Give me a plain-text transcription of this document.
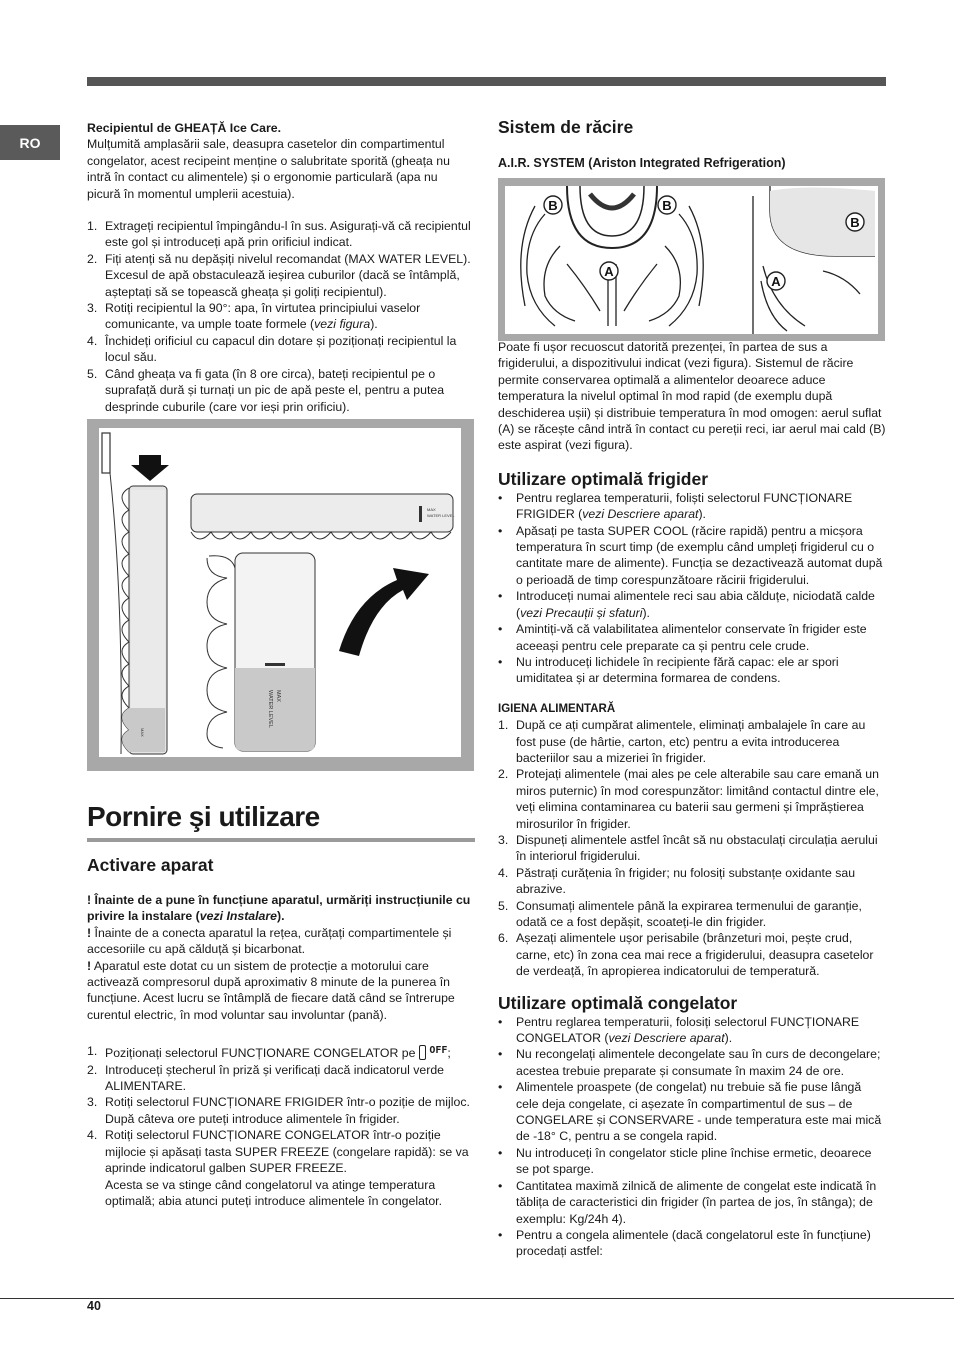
RO

Recipientul de GHEAȚĂ Ice Care.

Mulțumită amplasării sale, deasupra casetelor din compartimentul congelator, acest recipeint menține o salubritate sporită (gheața nu intră în contact cu alimentele) și o ergonomie particulară (apa nu picură în momentul umplerii acestuia).

1. Extrageți recipientul împingându-l în sus. Asigurați-vă că recipientul este gol și introduceți apă prin orificiul indicat.
2. Fiți atenți să nu depășiți nivelul recomandat (MAX WATER LEVEL). Excesul de apă obstaculează ieșirea cuburilor (dacă se întâmplă, așteptați să se topească gheața și goliți recipientul).
3. Rotiți recipientul la 90°: apa, în virtutea principiului vaselor comunicante, va umple toate formele (vezi figura).
4. Închideți orificiul cu capacul din dotare și poziționați recipientul la locul său.
5. Când gheața va fi gata (în 8 ore circa), bateți recipientul pe o suprafață dură și turnați un pic de apă peste el, pentru a putea desprinde cuburile (care vor ieși prin orificiu).
MAX
MAX
WATER LEVEL
MAX
WATER LEVEL
Pornire şi utilizare

Activare aparat

! Înainte de a pune în funcțiune aparatul, urmăriți instrucțiunile cu privire la instalare (vezi Instalare).

! Înainte de a conecta aparatul la rețea, curățați compartimentele și accesoriile cu apă călduță și bicarbonat.

! Aparatul este dotat cu un sistem de protecție a motorului care activează compresorul după aproximativ 8 minute de la punerea în funcțiune. Acest lucru se întâmplă de fiecare dată când se întrerupe curentul electric, în mod voluntar sau involuntar (pană).

1. Poziționați selectorul FUNCȚIONARE CONGELATOR pe $^{OFF}$;
2. Introduceți ștecherul în priză și verificați dacă indicatorul verde ALIMENTARE.
3. Rotiți selectorul FUNCȚIONARE FRIGIDER într-o poziție de mijloc. După câteva ore puteți introduce alimentele în frigider.
4. Rotiți selectorul FUNCȚIONARE CONGELATOR într-o poziție mijlocie și apăsați tasta SUPER FREEZE (congelare rapidă): se va aprinde indicatorul galben SUPER FREEZE.
Acesta se va stinge când congelatorul va atinge temperatura optimală; abia atunci puteți introduce alimentele în congelator.

Sistem de răcire

A.I.R. SYSTEM (Ariston Integrated Refrigeration)

B	B
A
B
A

Poate fi ușor recuoscut datorită prezenței, în partea de sus a frigiderului, a dispozitivului indicat (vezi figura). Sistemul de răcire permite conservarea optimală a alimentelor deoarece aduce temperatura la nivelul optimal în mod rapid (de exemplu după deschiderea ușii) și distribuie temperatura în mod omogen: aerul suflat (A) se răcește când intră în contact cu pereții reci, iar aerul mai cald (B) este aspirat (vezi figura).

Utilizare optimală frigider

• Pentru reglarea temperaturii, foliști selectorul FUNCȚIONARE FRIGIDER (vezi Descriere aparat).
• Apăsați pe tasta SUPER COOL (răcire rapidă) pentru a micșora temperatura în scurt timp (de exemplu când umpleți frigiderul cu o cantitate mare de alimente). Funcția se dezactivează automat după o perioadă de timp corespunzătoare răcirii frigiderului.
• Introduceți numai alimentele reci sau abia călduțe, niciodată calde (vezi Precauții și sfaturi).
• Amintiți-vă că valabilitatea alimentelor conservate în frigider este aceeași pentru cele preparate ca și pentru cele crude.
• Nu introduceți lichidele în recipiente fără capac: ele ar spori umiditatea și ar determina formarea de condens.

IGIENA ALIMENTARĂ

1. După ce ați cumpărat alimentele, eliminați ambalajele în care au fost puse (de hârtie, carton, etc) pentru a evita introducerea bacteriilor sau a mizeriei în frigider.
2. Protejați alimentele (mai ales pe cele alterabile sau care emană un miros puternic) în mod corespunzător: limitând contactul dintre ele, veți elimina contaminarea cu baterii sau germeni și împrăștierea mirosurilor în frigider.
3. Dispuneți alimentele astfel încât să nu obstaculați circulația aerului în interiorul frigiderului.
4. Păstrați curățenia în frigider; nu folosiți substanțe oxidante sau abrazive.
5. Consumați alimentele până la expirarea termenului de garanție, odată ce a fost depășit, scoateți-le din frigider.
6. Așezați alimentele ușor perisabile (brânzeturi moi, pește crud, carne, etc) în zona cea mai rece a frigiderului, deasupra casetelor de verdeață, în apropierea indicatorului de temperatură.

Utilizare optimală congelator

• Pentru reglarea temperaturii, folosiți selectorul FUNCȚIONARE CONGELATOR (vezi Descriere aparat).
• Nu recongelați alimentele decongelate sau în curs de decongelare; acestea trebuie preparate și consumate în maxim 24 de ore.
• Alimentele proaspete (de congelat) nu trebuie să fie puse lângă cele deja congelate, ci așezate în compartimentul de sus – de CONGELARE și CONSERVARE - unde temperatura este mai mică de -18° C, pentru a se congela rapid.
• Nu introduceți în congelator sticle pline închise ermetic, deoarece se pot sparge.
• Cantitatea maximă zilnică de alimente de congelat este indicată în tăblița de caracteristici din frigider (în partea de jos, în stânga); de exemplu: Kg/24h 4).
• Pentru a congela alimentele (dacă congelatorul este în funcțiune) procedați astfel:
40
